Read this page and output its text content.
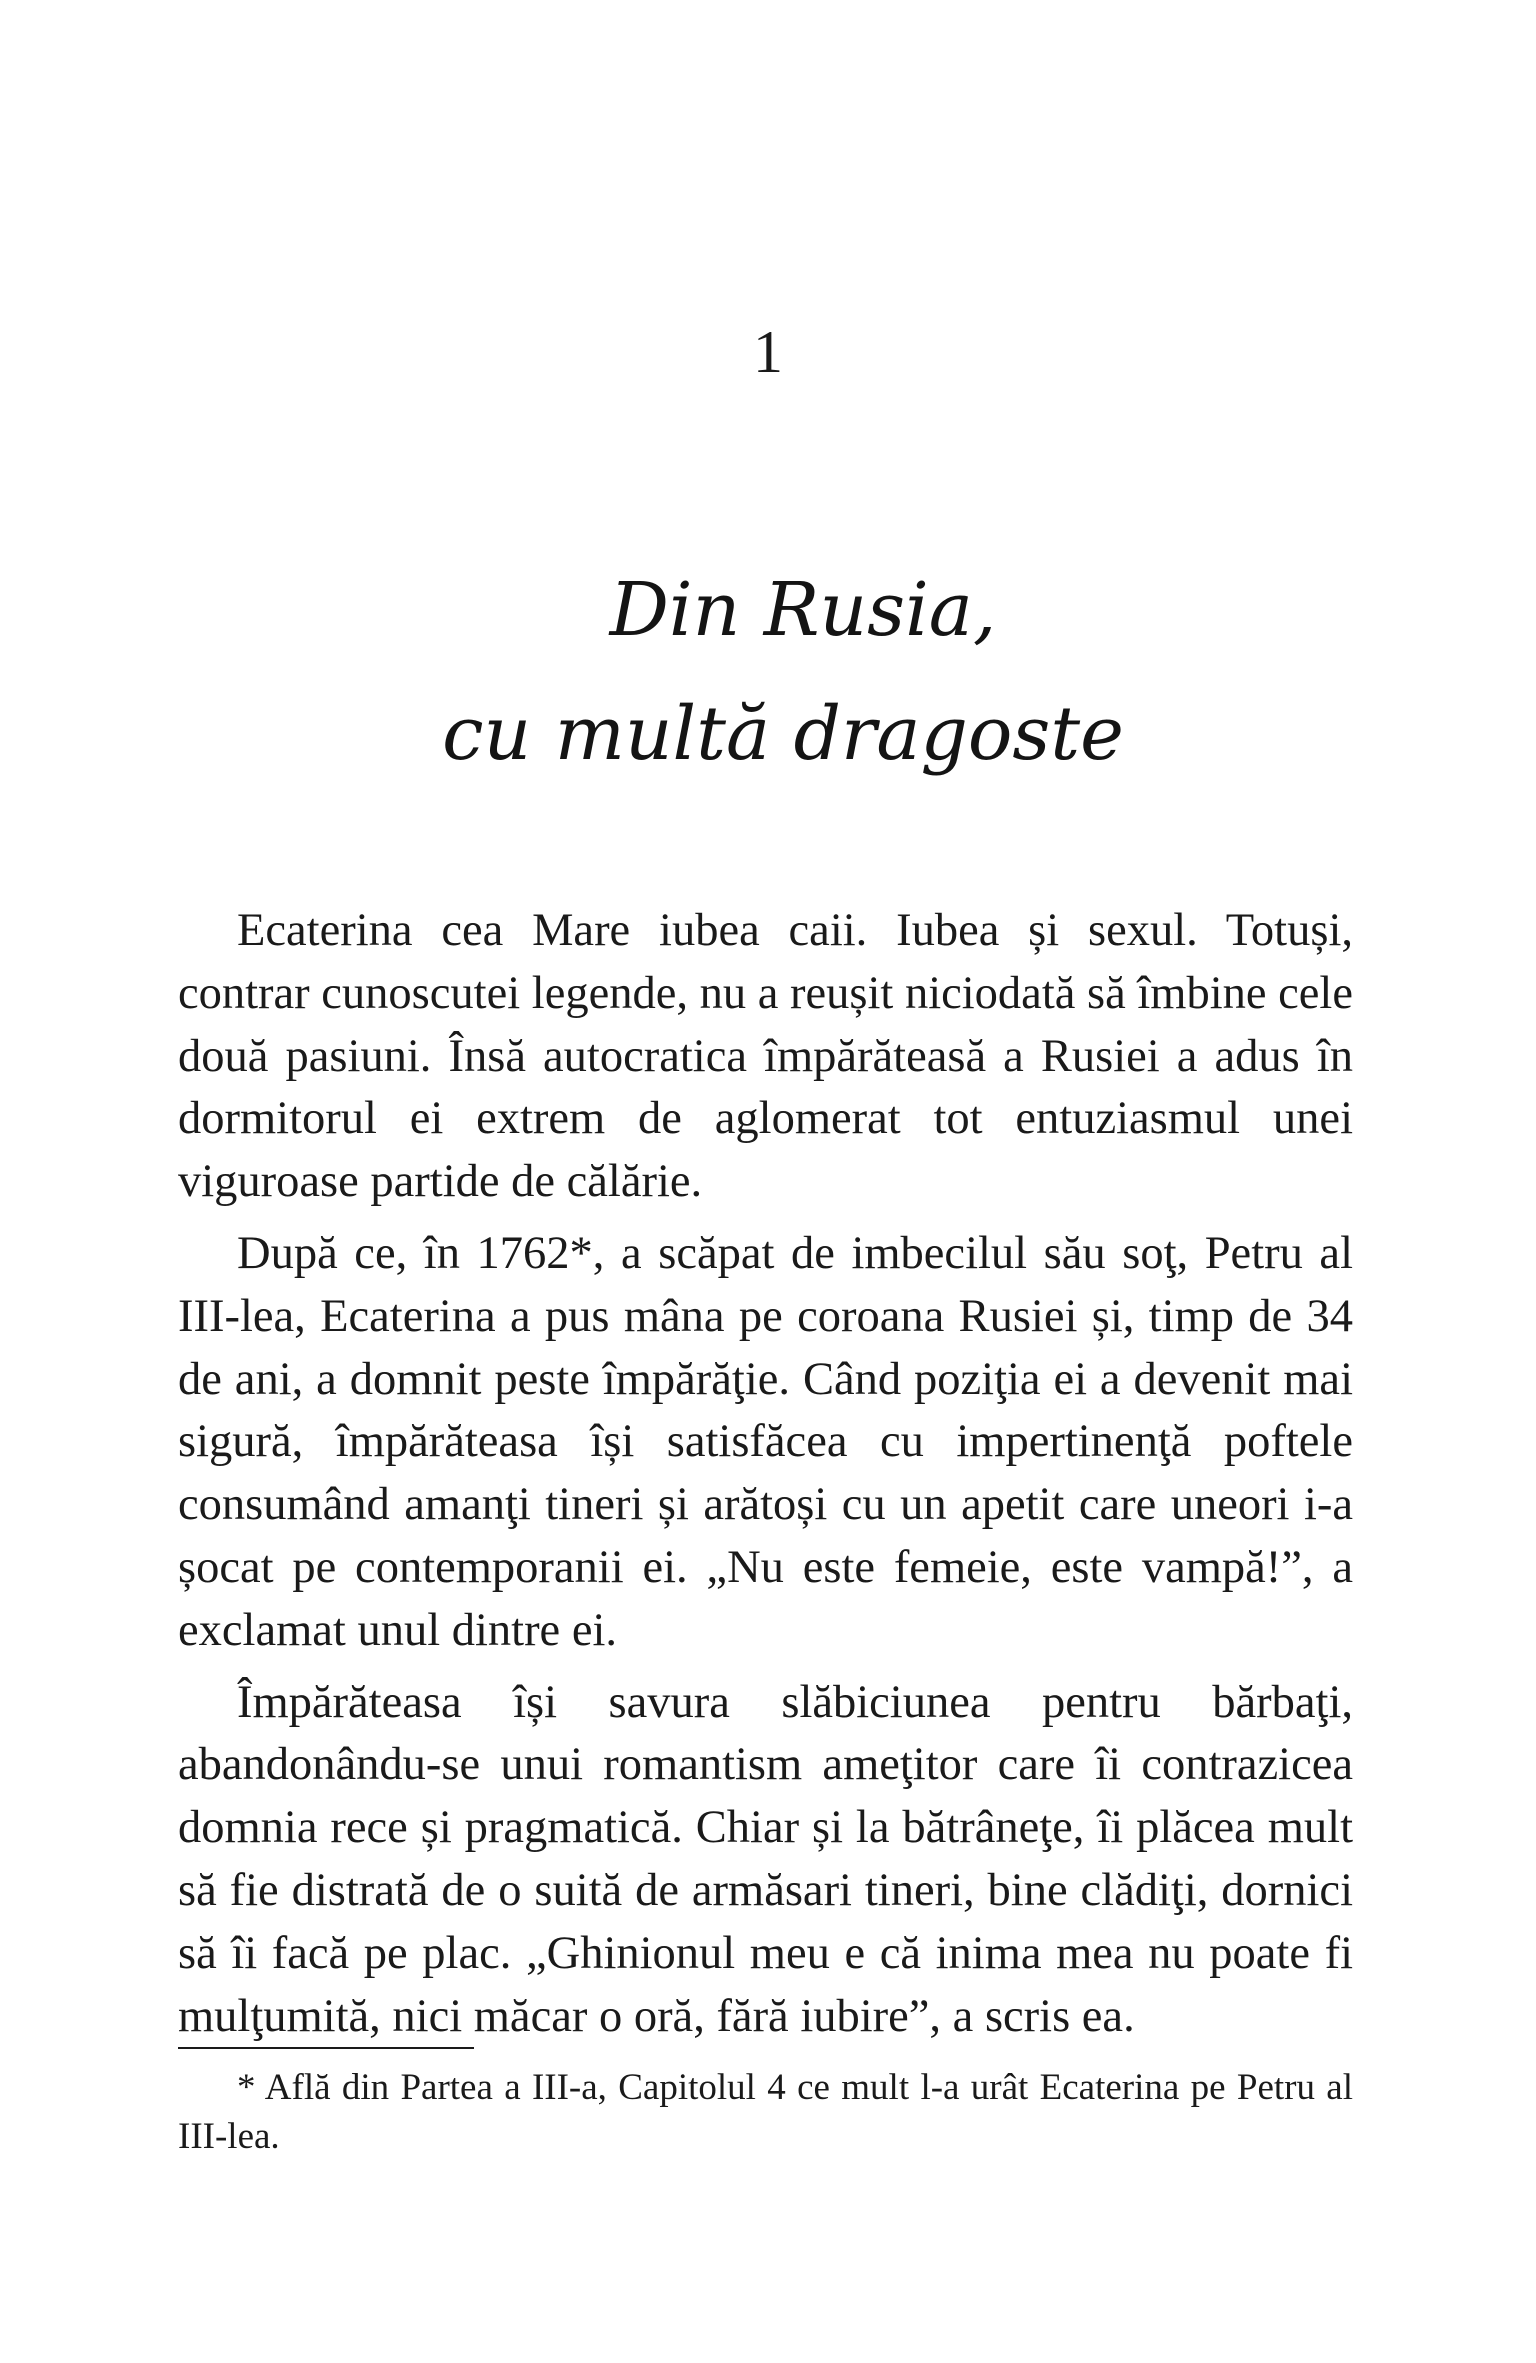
1
Din Rusia,
cu multă dragoste

Ecaterina cea Mare iubea caii. Iubea și sexul. Totuși, contrar cunoscutei legende, nu a reușit niciodată să îmbine cele două pasiuni. Însă autocratica împărăteasă a Rusiei a adus în dormitorul ei extrem de aglomerat tot entuziasmul unei viguroase partide de călărie.

După ce, în 1762*, a scăpat de imbecilul său soţ, Petru al III-lea, Ecaterina a pus mâna pe coroana Rusiei și, timp de 34 de ani, a domnit peste împărăţie. Când poziţia ei a devenit mai sigură, împărăteasa își satisfăcea cu impertinenţă poftele consumând amanţi tineri și arătoși cu un apetit care uneori i-a șocat pe contemporanii ei. „Nu este femeie, este vampă!”, a exclamat unul dintre ei.

Împărăteasa își savura slăbiciunea pentru bărbaţi, abandonându-se unui romantism ameţitor care îi contrazicea domnia rece și pragmatică. Chiar și la bătrâneţe, îi plăcea mult să fie distrată de o suită de armăsari tineri, bine clădiţi, dornici să îi facă pe plac. „Ghinionul meu e că inima mea nu poate fi mulţumită, nici măcar o oră, fără iubire”, a scris ea.

* Află din Partea a III-a, Capitolul 4 ce mult l-a urât Ecaterina pe Petru al III-lea.
